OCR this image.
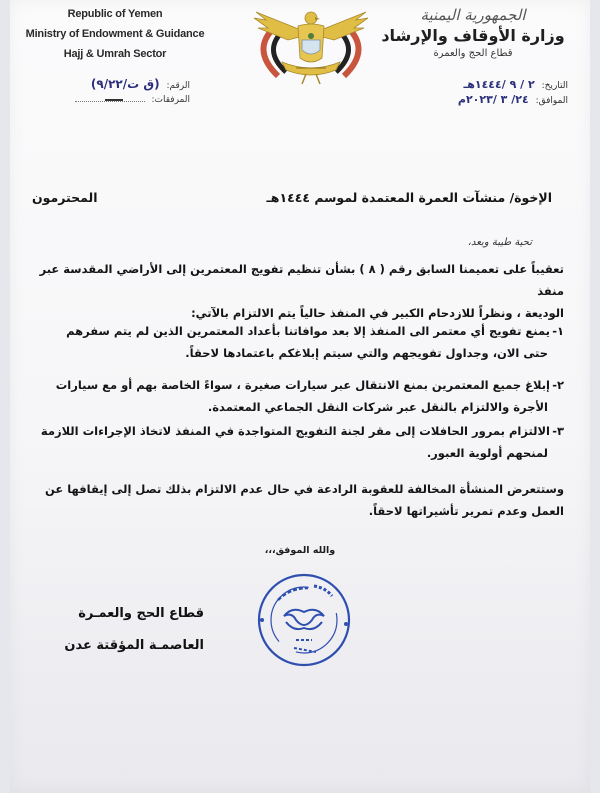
Republic of Yemen
Ministry of Endowment & Guidance
Hajj & Umrah Sector
الرقم: (ق ت/٩/٢٢)
المرفقات:
الجمهورية اليمنية
وزارة الأوقاف والإرشاد
قطاع الحج والعمرة
التاريخ: ٢ / ٩ /١٤٤٤هـ
الموافق: ٢٤/ ٣ /٢٠٢٣م
الإخوة/ منشآت العمرة المعتمدة لموسم ١٤٤٤هـ
المحترمون
تحية طيبة وبعد،
تعقيباً على تعميمنا السابق رقم ( ٨ ) بشأن تنظيم تفويج المعتمرين إلى الأراضي المقدسة عبر منفذ
الوديعة ، ونظراً للازدحام الكبير في المنفذ حالياً يتم الالتزام بالآتي:
١-يمنع تفويج أي معتمر الى المنفذ إلا بعد موافاتنا بأعداد المعتمرين الذين لم يتم سفرهم
حتى الان، وجداول تفويجهم والتي سيتم إبلاغكم باعتمادها لاحقاً.
٢-إبلاغ جميع المعتمرين بمنع الانتقال عبر سيارات صغيرة ، سواءً الخاصة بهم أو مع سيارات
الأجرة والالتزام بالنقل عبر شركات النقل الجماعي المعتمدة.
٣-الالتزام بمرور الحافلات إلى مقر لجنة التفويج المتواجدة في المنفذ لاتخاذ الإجراءات اللازمة
لمنحهم أولوية العبور.
وستتعرض المنشأة المخالفة للعقوبة الرادعة في حال عدم الالتزام بذلك تصل إلى إيقافها عن
العمل وعدم تمرير تأشيراتها لاحقاً.
والله الموفق،،،
قطاع الحج والعمـرة
العاصمـة المؤقتة عدن
